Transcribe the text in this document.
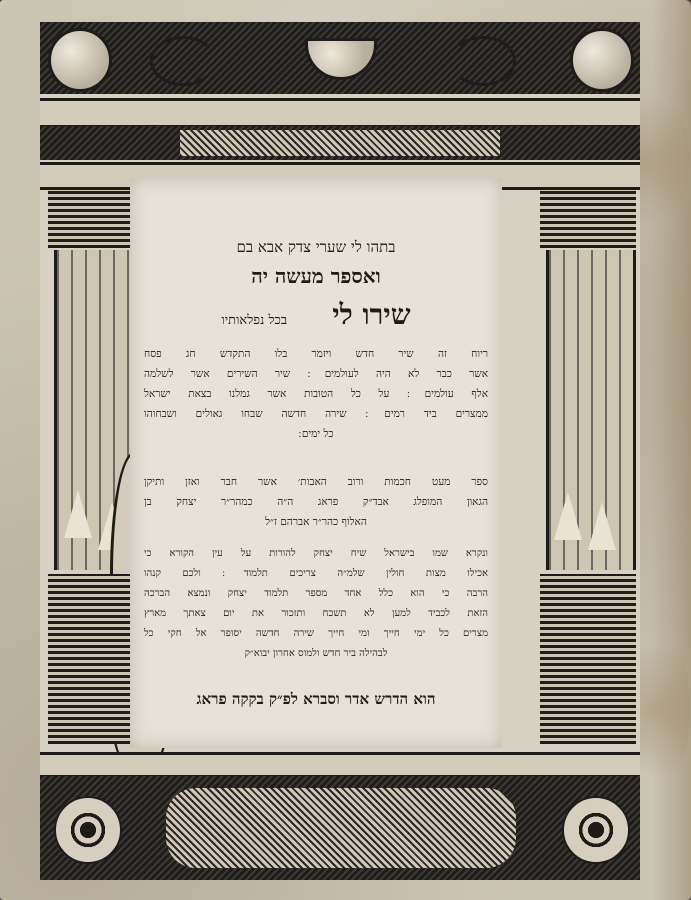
בתהו לי שערי צדק אבא בם
ואספר מעשה יה
שירו לי בכל נפלאותיו
ריוח זה שיר חדש ויזמר בלו התקדש חג פסח
אשר כבר לא היה לעולמים ׃ שיר השירים אשר לשלמה
אלף עולמים ׃ על כל הטובות אשר גמלנו בצאת ישראל
ממצרים ביד רמים ׃ שירה חדשה שבחו גאולים ושבחוהו
כל ימים ׃
ספר מעט חכמות ורוב האבות׳ אשר חבר ואזן ותיקן
הגאון המופלג אבד״ק פראג ה״ה כמהר״ר יצחק בן
האלוף כהר״ר אברהם ז״ל
ונקרא שמו בישראל שיח יצחק להורות על עין הקורא כי
אכילו מצות חולין שלמ״ה צריכים תלמוד ׃ ולכם קנהו
הרבה כי הוא כלל אחד מספר תלמוד יצחק ונמצא הברכה
הזאת לכביד למען לא תשכח ותזכור את יום צאתך מארץ
מצרים כל ימי חייך ומי חייך שירה חדשה יסופר אל חקי כל
לבהילה ביר חדש ולמוס אחרון יבוא״ק
הוא הדרש אדר וסברא לפ״ק בקקה פראג
